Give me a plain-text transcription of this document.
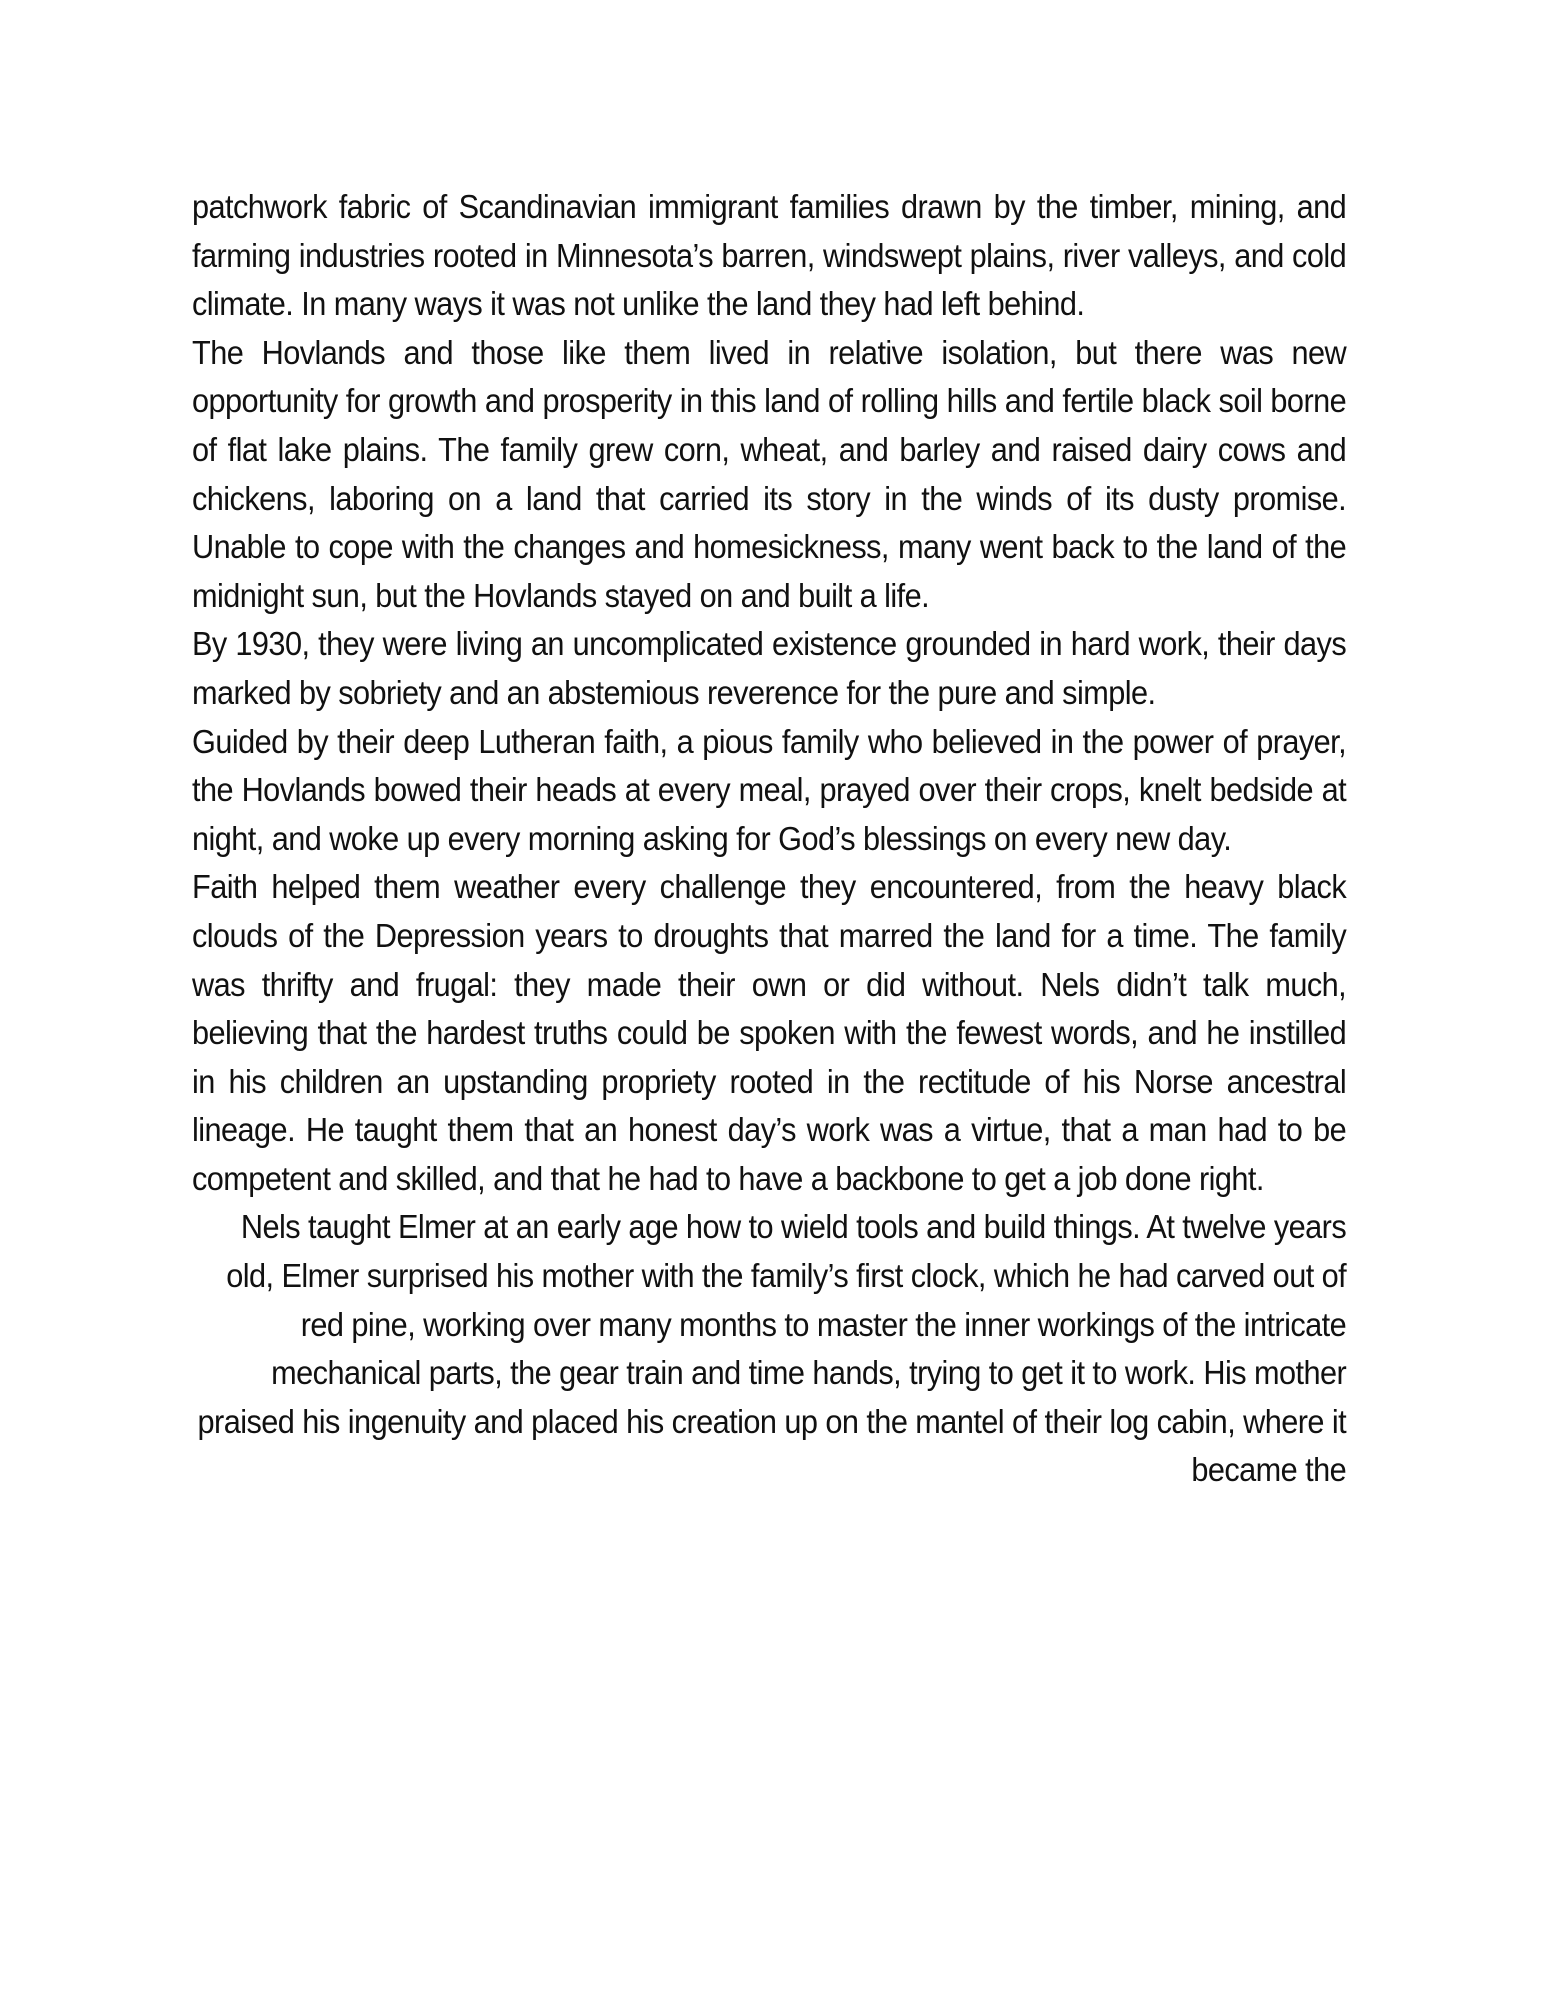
patchwork fabric of Scandinavian immigrant families drawn by the timber, mining, and farming industries rooted in Minnesota’s barren, windswept plains, river valleys, and cold climate. In many ways it was not unlike the land they had left behind.

The Hovlands and those like them lived in relative isolation, but there was new opportunity for growth and prosperity in this land of rolling hills and fertile black soil borne of flat lake plains. The family grew corn, wheat, and barley and raised dairy cows and chickens, laboring on a land that carried its story in the winds of its dusty promise. Unable to cope with the changes and homesickness, many went back to the land of the midnight sun, but the Hovlands stayed on and built a life.

By 1930, they were living an uncomplicated existence grounded in hard work, their days marked by sobriety and an abstemious reverence for the pure and simple.

Guided by their deep Lutheran faith, a pious family who believed in the power of prayer, the Hovlands bowed their heads at every meal, prayed over their crops, knelt bedside at night, and woke up every morning asking for God’s blessings on every new day.

Faith helped them weather every challenge they encountered, from the heavy black clouds of the Depression years to droughts that marred the land for a time. The family was thrifty and frugal: they made their own or did without. Nels didn’t talk much, believing that the hardest truths could be spoken with the fewest words, and he instilled in his children an upstanding propriety rooted in the rectitude of his Norse ancestral lineage. He taught them that an honest day’s work was a virtue, that a man had to be competent and skilled, and that he had to have a backbone to get a job done right.

Nels taught Elmer at an early age how to wield tools and build things. At twelve years old, Elmer surprised his mother with the family’s first clock, which he had carved out of red pine, working over many months to master the inner workings of the intricate mechanical parts, the gear train and time hands, trying to get it to work. His mother praised his ingenuity and placed his creation up on the mantel of their log cabin, where it became the
